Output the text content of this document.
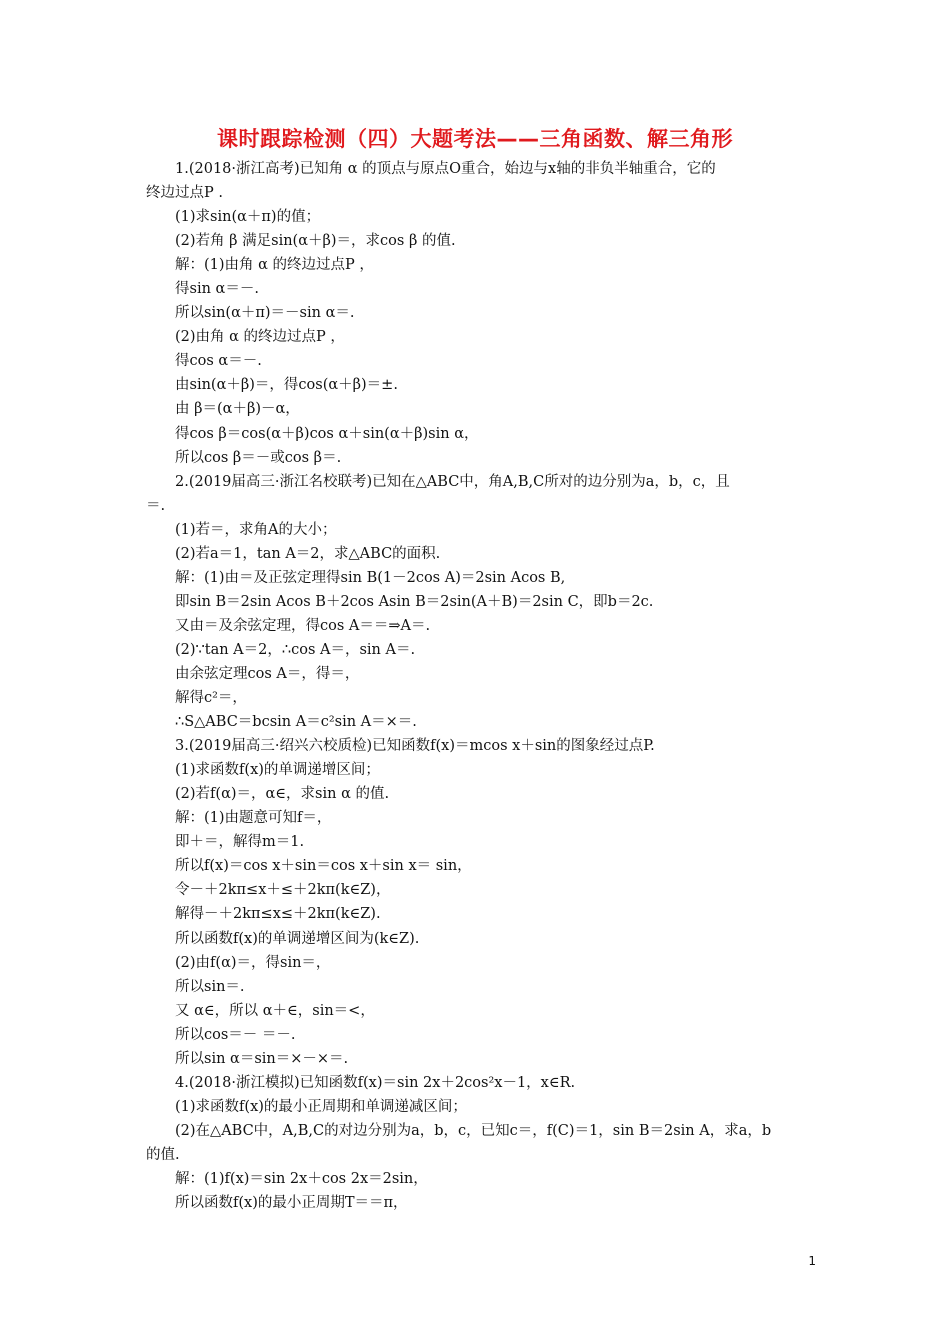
课时跟踪检测（四）大题考法——三角函数、解三角形
1.(2018·浙江高考)已知角 α 的顶点与原点O重合，始边与x轴的非负半轴重合，它的
终边过点P .
(1)求sin(α＋π)的值；
(2)若角 β 满足sin(α＋β)＝，求cos β 的值.
解：(1)由角 α 的终边过点P ，
得sin α＝－.
所以sin(α＋π)＝－sin α＝.
(2)由角 α 的终边过点P ，
得cos α＝－.
由sin(α＋β)＝，得cos(α＋β)＝±.
由 β＝(α＋β)－α，
得cos β＝cos(α＋β)cos α＋sin(α＋β)sin α，
所以cos β＝－或cos β＝.
2.(2019届高三·浙江名校联考)已知在△ABC中，角A,B,C所对的边分别为a，b，c，且
＝.
(1)若＝，求角A的大小；
(2)若a＝1，tan A＝2，求△ABC的面积.
解：(1)由＝及正弦定理得sin B(1－2cos A)＝2sin Acos B,
即sin B＝2sin Acos B＋2cos Asin B＝2sin(A＋B)＝2sin C，即b＝2c.
又由＝及余弦定理，得cos A＝＝⇒A＝.
(2)∵tan A＝2，∴cos A＝，sin A＝.
由余弦定理cos A＝，得＝，
解得c²＝，
∴S△ABC＝bcsin A＝c²sin A＝×＝.
3.(2019届高三·绍兴六校质检)已知函数f(x)＝mcos x＋sin的图象经过点P.
(1)求函数f(x)的单调递增区间；
(2)若f(α)＝，α∈，求sin α 的值.
解：(1)由题意可知f＝，
即＋＝，解得m＝1.
所以f(x)＝cos x＋sin＝cos x＋sin x＝ sin，
令－＋2kπ≤x＋≤＋2kπ(k∈Z)，
解得－＋2kπ≤x≤＋2kπ(k∈Z).
所以函数f(x)的单调递增区间为(k∈Z).
(2)由f(α)＝，得sin＝，
所以sin＝.
又 α∈，所以 α＋∈，sin＝<，
所以cos＝－ ＝－.
所以sin α＝sin＝×－×＝.
4.(2018·浙江模拟)已知函数f(x)＝sin 2x＋2cos²x－1，x∈R.
(1)求函数f(x)的最小正周期和单调递减区间；
(2)在△ABC中，A,B,C的对边分别为a，b，c，已知c＝，f(C)＝1，sin B＝2sin A，求a，b
的值.
解：(1)f(x)＝sin 2x＋cos 2x＝2sin，
所以函数f(x)的最小正周期T＝＝π，
1
